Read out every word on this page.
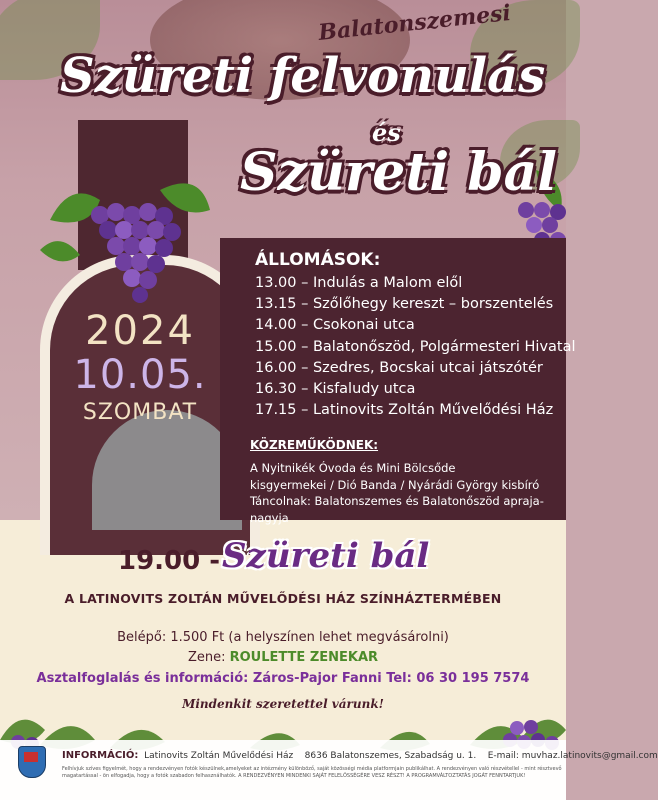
2024
10.05.
SZOMBAT
Balatonszemesi
Szüreti felvonulás
és
Szüreti bál
ÁLLOMÁSOK:
13.00 – Indulás a Malom elől
13.15 – Szőlőhegy kereszt – borszentelés
14.00 – Csokonai utca
15.00 – Balatonőszöd, Polgármesteri Hivatal
16.00 – Szedres, Bocskai utcai játszótér
16.30 – Kisfaludy utca
17.15 – Latinovits Zoltán Művelődési Ház
KÖZREMŰKÖDNEK:
A Nyitnikék Óvoda és Mini Bölcsőde
kisgyermekei / Dió Banda / Nyárádi György kisbíró
Táncolnak: Balatonszemes és Balatonőszöd apraja-nagyja
19.00 - Szüreti bál
A LATINOVITS ZOLTÁN MŰVELŐDÉSI HÁZ SZÍNHÁZTERMÉBEN
Belépő: 1.500 Ft (a helyszínen lehet megvásárolni)
Zene: ROULETTE ZENEKAR
Asztalfoglalás és információ: Záros-Pajor Fanni Tel: 06 30 195 7574
Mindenkit szeretettel várunk!
INFORMÁCIÓ: Latinovits Zoltán Művelődési Ház 8636 Balatonszemes, Szabadság u. 1. E-mail: muvhaz.latinovits@gmail.com
Felhívjuk szíves figyelmét, hogy a rendezvényen fotók készülnek,amelyeket az intézmény különböző, saját közösségi média platformjain publikálhat. A rendezvényen való részvétellel - mint résztvevő magatartással - ön elfogadja, hogy a fotók szabadon felhasználhatók. A RENDEZVÉNYEN MINDENKI SAJÁT FELELŐSSÉGÉRE VESZ RÉSZT! A PROGRAMVÁLTOZTATÁS JOGÁT FENNTARTJUK!
